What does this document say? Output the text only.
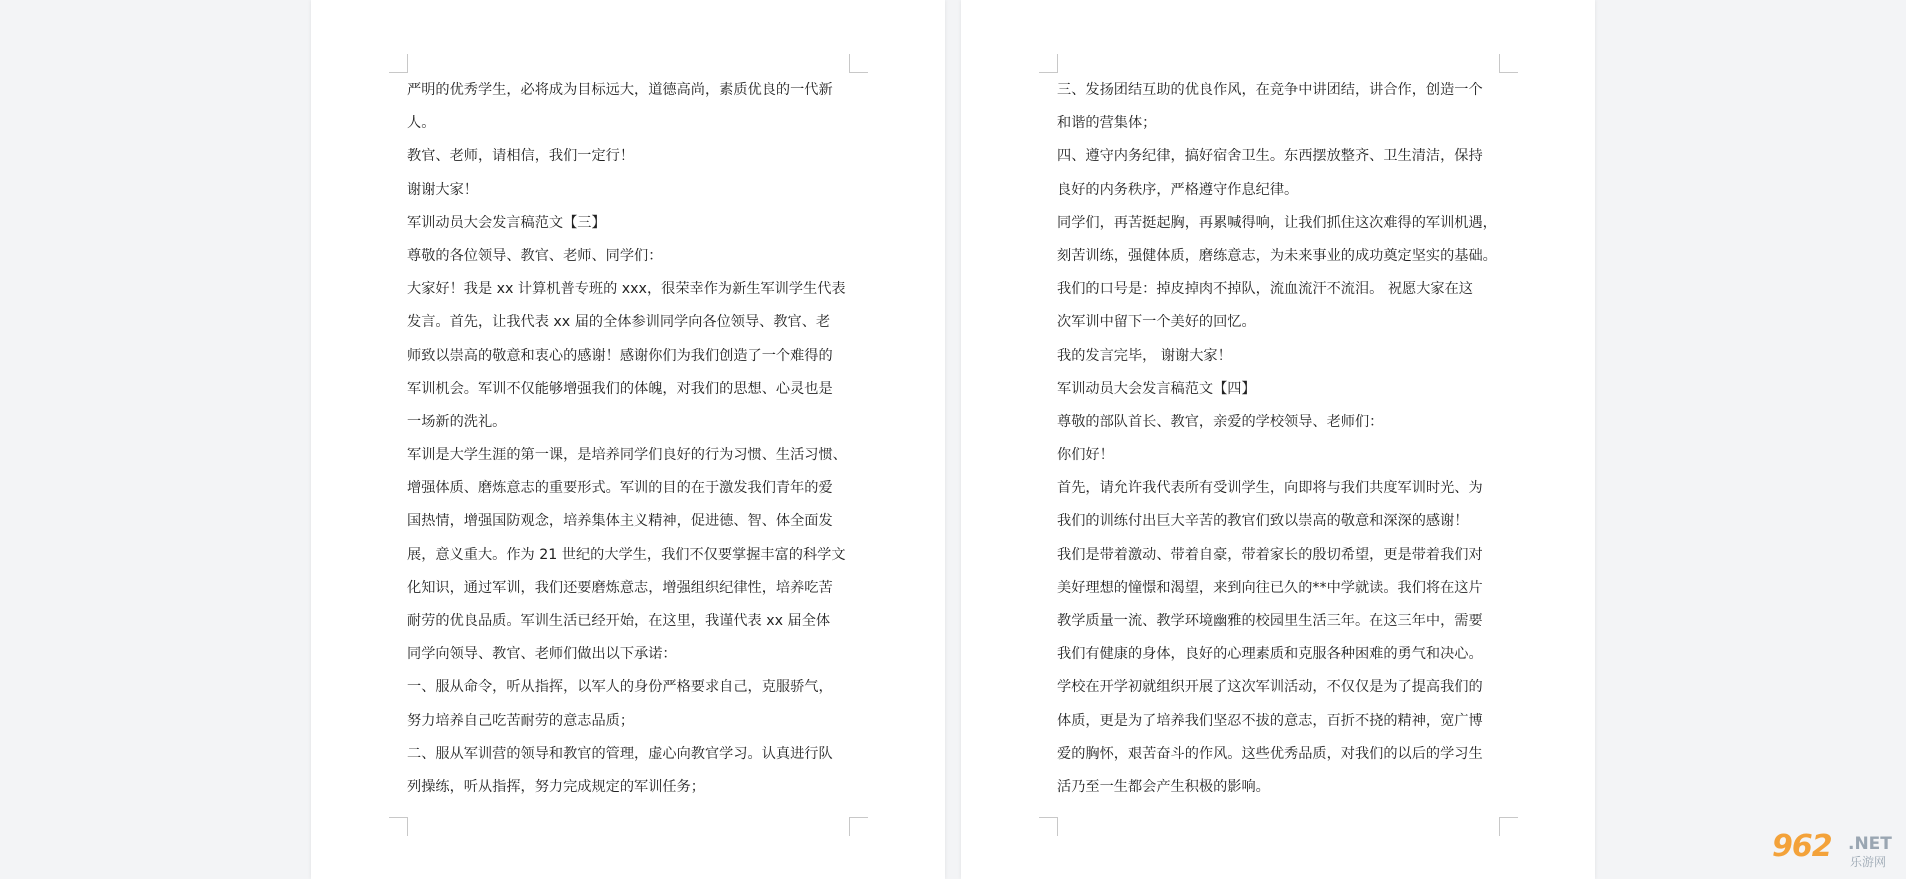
严明的优秀学生，必将成为目标远大，道德高尚，素质优良的一代新
人。
教官、老师，请相信，我们一定行！
谢谢大家！
军训动员大会发言稿范文【三】
尊敬的各位领导、教官、老师、同学们：
大家好！我是 xx 计算机普专班的 xxx，很荣幸作为新生军训学生代表
发言。首先，让我代表 xx 届的全体参训同学向各位领导、教官、老
师致以崇高的敬意和衷心的感谢！感谢你们为我们创造了一个难得的
军训机会。军训不仅能够增强我们的体魄，对我们的思想、心灵也是
一场新的洗礼。
军训是大学生涯的第一课，是培养同学们良好的行为习惯、生活习惯、
增强体质、磨炼意志的重要形式。军训的目的在于激发我们青年的爱
国热情，增强国防观念，培养集体主义精神，促进德、智、体全面发
展，意义重大。作为 21 世纪的大学生，我们不仅要掌握丰富的科学文
化知识，通过军训，我们还要磨炼意志，增强组织纪律性，培养吃苦
耐劳的优良品质。军训生活已经开始，在这里，我谨代表 xx 届全体
同学向领导、教官、老师们做出以下承诺：
一、服从命令，听从指挥，以军人的身份严格要求自己，克服骄气，
努力培养自己吃苦耐劳的意志品质；
二、服从军训营的领导和教官的管理，虚心向教官学习。认真进行队
列操练，听从指挥，努力完成规定的军训任务；
三、发扬团结互助的优良作风，在竞争中讲团结，讲合作，创造一个
和谐的营集体；
四、遵守内务纪律，搞好宿舍卫生。东西摆放整齐、卫生清洁，保持
良好的内务秩序，严格遵守作息纪律。
同学们，再苦挺起胸，再累喊得响，让我们抓住这次难得的军训机遇，
刻苦训练，强健体质，磨练意志，为未来事业的成功奠定坚实的基础。
我们的口号是：掉皮掉肉不掉队，流血流汗不流泪。 祝愿大家在这
次军训中留下一个美好的回忆。
我的发言完毕， 谢谢大家！
军训动员大会发言稿范文【四】
尊敬的部队首长、教官，亲爱的学校领导、老师们：
你们好！
首先，请允许我代表所有受训学生，向即将与我们共度军训时光、为
我们的训练付出巨大辛苦的教官们致以崇高的敬意和深深的感谢！
我们是带着激动、带着自豪，带着家长的殷切希望，更是带着我们对
美好理想的憧憬和渴望，来到向往已久的**中学就读。我们将在这片
教学质量一流、教学环境幽雅的校园里生活三年。在这三年中，需要
我们有健康的身体，良好的心理素质和克服各种困难的勇气和决心。
学校在开学初就组织开展了这次军训活动，不仅仅是为了提高我们的
体质，更是为了培养我们坚忍不拔的意志，百折不挠的精神，宽广博
爱的胸怀，艰苦奋斗的作风。这些优秀品质，对我们的以后的学习生
活乃至一生都会产生积极的影响。
962 .NET
乐游网
